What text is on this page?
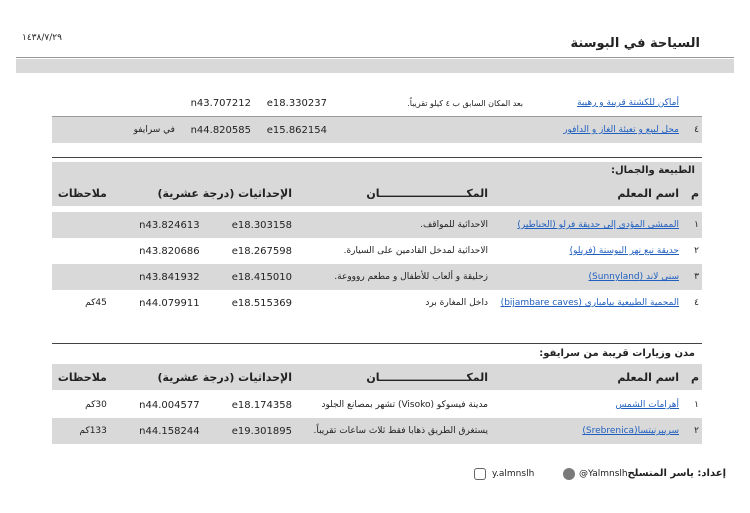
السياحة في البوسنة
١٤٣٨/٧/٢٩
	أماكن للكشتة قريبة و رهيبة	بعد المكان السابق ب ٤ كيلو تقريباً.	e18.330237	n43.707212	
٤	محل لبيع و تعبئة الغاز و الدافور		e15.862154	n44.820585	في سرايفو
الطبيعة والجمال:
م	اسم المعلم	المكـــــــــــــــــــــــان	الإحداثيات (درجة عشرية)		ملاحظات

١	الممشى المؤدي إلى حديقة فرلو (الحناطير)	الاحداثية للمواقف.	e18.303158	n43.824613	
٢	حديقة نبع نهر البوسنة (فريلو)	الاحداثية لمدخل القادمين على السيارة.	e18.267598	n43.820686	
٣	سني لاند (Sunnyland)	زحليقة و ألعاب للأطفال و مطعم روووعة.	e18.415010	n43.841932	
٤	المحمية الطبيعية بيامباري (bijambare caves)	داخل المغارة برد	e18.515369	n44.079911	45كم
مدن وزيارات قريبة من سرايفو:
م	اسم المعلم	المكـــــــــــــــــــــــان	الإحداثيات (درجة عشرية)		ملاحظات

١	أهرامات الشمس	مدينة فيسوكو (Visoko) تشهر بمصانع الجلود	e18.174358	n44.004577	30كم
٢	سريبرنيتسا(Srebrenica)	يستغرق الطريق ذهابا فقط ثلاث ساعات تقريباً.	e19.301895	n44.158244	133كم
إعداد: ياسر المنسلح
@Yalmnslh
y.almnslh
